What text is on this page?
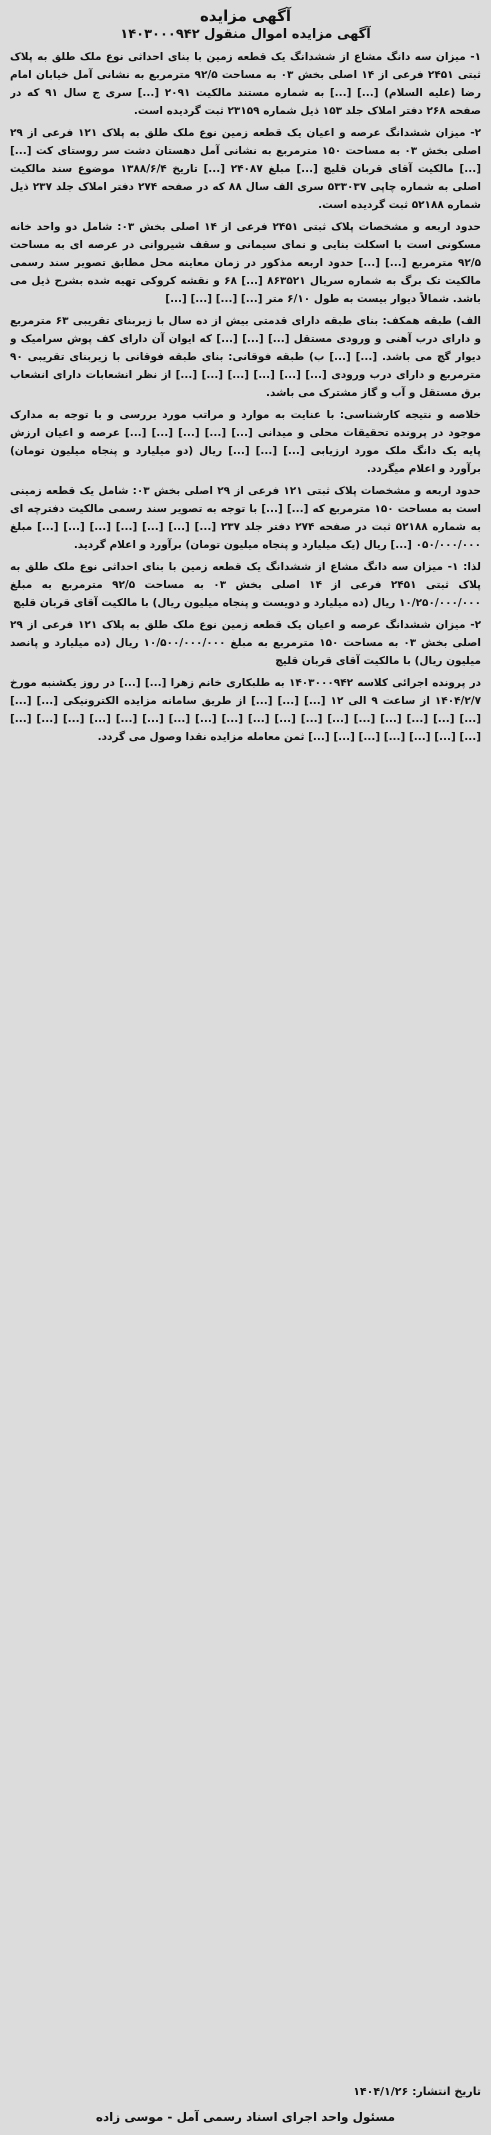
آگهی مزایده
آگهی مزایده اموال منقول ۱۴۰۳۰۰۰۹۴۲

۱- میزان سه دانگ مشاع از ششدانگ یک قطعه زمین با بنای احداثی نوع ملک طلق به پلاک ثبتی ۲۴۵۱ فرعی از ۱۴ اصلی بخش ۰۳ به مساحت ۹۲/۵ مترمربع به نشانی آمل خیابان امام رضا (علیه السلام) [...] [...] به شماره مستند مالکیت ۲۰۹۱ [...] سری ج سال ۹۱ که در صفحه ۲۶۸ دفتر املاک جلد ۱۵۳ ذیل شماره ۲۳۱۵۹ ثبت گردیده است.

۲- میزان ششدانگ عرصه و اعیان یک قطعه زمین نوع ملک طلق به پلاک ۱۲۱ فرعی از ۲۹ اصلی بخش ۰۳ به مساحت ۱۵۰ مترمربع به نشانی آمل دهستان دشت سر روستای کت [...] [...] مالکیت آقای قربان قلیچ [...] مبلغ ۲۴۰۸۷ [...] تاریخ ۱۳۸۸/۶/۴ موضوع سند مالکیت اصلی به شماره چاپی ۵۳۳۰۳۷ سری الف سال ۸۸ که در صفحه ۲۷۴ دفتر املاک جلد ۲۳۷ ذیل شماره ۵۲۱۸۸ ثبت گردیده است.

حدود اربعه و مشخصات پلاک ثبتی ۲۴۵۱ فرعی از ۱۴ اصلی بخش ۰۳: شامل دو واحد خانه مسکونی است با اسکلت بنایی و نمای سیمانی و سقف شیروانی در عرصه ای به مساحت ۹۲/۵ مترمربع [...] [...] حدود اربعه مذکور در زمان معاینه محل مطابق تصویر سند رسمی مالکیت تک برگ به شماره سریال ۸۶۳۵۲۱ [...] ۶۸ و نقشه کروکی تهیه شده بشرح ذیل می باشد. شمالاً دیوار بیست به طول ۶/۱۰ متر [...] [...] [...] [...]

الف) طبقه همکف: بنای طبقه دارای قدمتی بیش از ده سال با زیربنای تقریبی ۶۳ مترمربع و دارای درب آهنی و ورودی مستقل [...] [...] [...] که ایوان آن دارای کف پوش سرامیک و دیوار گچ می باشد. [...] [...] ب) طبقه فوقانی: بنای طبقه فوقانی با زیربنای تقریبی ۹۰ مترمربع و دارای درب ورودی [...] [...] [...] [...] [...] [...] از نظر انشعابات دارای انشعاب برق مستقل و آب و گاز مشترک می باشد.

خلاصه و نتیجه کارشناسی: با عنایت به موارد و مراتب مورد بررسی و با توجه به مدارک موجود در پرونده تحقیقات محلی و میدانی [...] [...] [...] [...] [...] عرصه و اعیان ارزش پایه یک دانگ ملک مورد ارزیابی [...] [...] [...] ریال (دو میلیارد و پنجاه میلیون تومان) برآورد و اعلام میگردد.

حدود اربعه و مشخصات پلاک ثبتی ۱۲۱ فرعی از ۲۹ اصلی بخش ۰۳: شامل یک قطعه زمینی است به مساحت ۱۵۰ مترمربع که [...] [...] با توجه به تصویر سند رسمی مالکیت دفترچه ای به شماره ۵۲۱۸۸ ثبت در صفحه ۲۷۴ دفتر جلد ۲۳۷ [...] [...] [...] [...] [...] [...] [...] مبلغ ۰۵۰/۰۰۰/۰۰۰ [...] ریال (یک میلیارد و پنجاه میلیون تومان) برآورد و اعلام گردید.

لذا: ۱- میزان سه دانگ مشاع از ششدانگ یک قطعه زمین با بنای احداثی نوع ملک طلق به پلاک ثبتی ۲۴۵۱ فرعی از ۱۴ اصلی بخش ۰۳ به مساحت ۹۲/۵ مترمربع به مبلغ ۱۰/۲۵۰/۰۰۰/۰۰۰ ریال (ده میلیارد و دویست و پنجاه میلیون ریال) با مالکیت آقای قربان قلیچ

۲- میزان ششدانگ عرصه و اعیان یک قطعه زمین نوع ملک طلق به پلاک ۱۲۱ فرعی از ۲۹ اصلی بخش ۰۳ به مساحت ۱۵۰ مترمربع به مبلغ ۱۰/۵۰۰/۰۰۰/۰۰۰ ریال (ده میلیارد و پانصد میلیون ریال) با مالکیت آقای قربان قلیچ

در پرونده اجرائی کلاسه ۱۴۰۳۰۰۰۹۴۲ به طلبکاری خانم زهرا [...] [...] در روز یکشنبه مورخ ۱۴۰۴/۲/۷ از ساعت ۹ الی ۱۲ [...] [...] [...] از طریق سامانه مزایده الکترونیکی [...] [...] [...] [...] [...] [...] [...] [...] [...] [...] [...] [...] [...] [...] [...] [...] [...] [...] [...] [...] [...] [...] [...] [...] [...] [...] [...] ثمن معامله مزایده نقدا وصول می گردد.

تاریخ انتشار: ۱۴۰۴/۱/۲۶
مسئول واحد اجرای اسناد رسمی آمل - موسی زاده
